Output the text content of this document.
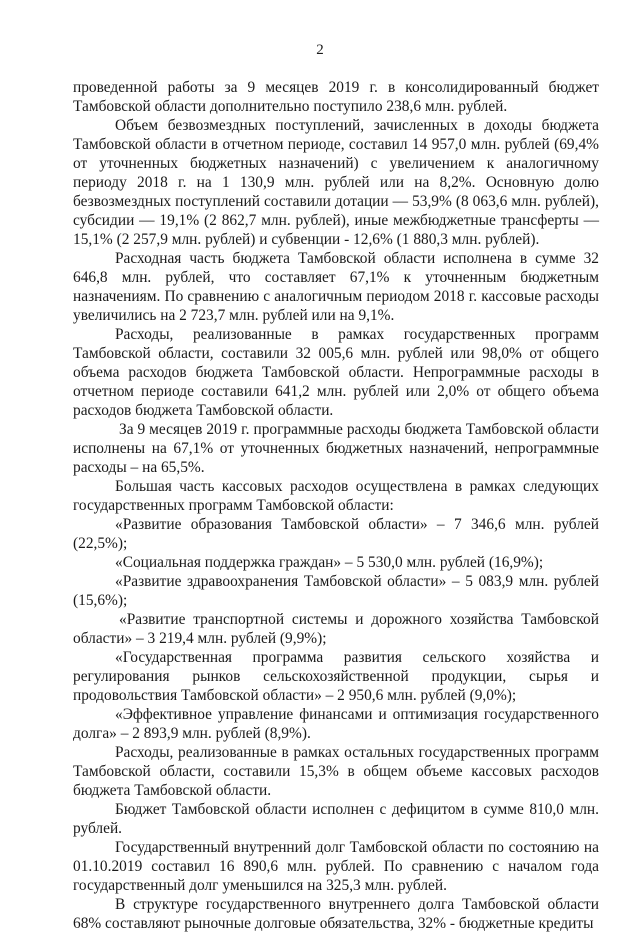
2

проведенной работы за 9 месяцев 2019 г. в консолидированный бюджет Тамбовской области дополнительно поступило 238,6 млн. рублей.

Объем безвозмездных поступлений, зачисленных в доходы бюджета Тамбовской области в отчетном периоде, составил 14 957,0 млн. рублей (69,4% от уточненных бюджетных назначений) с увеличением к аналогичному периоду 2018 г. на 1 130,9 млн. рублей или на 8,2%. Основную долю безвозмездных поступлений составили дотации — 53,9% (8 063,6 млн. рублей), субсидии — 19,1% (2 862,7 млн. рублей), иные межбюджетные трансферты — 15,1% (2 257,9 млн. рублей) и субвенции - 12,6% (1 880,3 млн. рублей).

Расходная часть бюджета Тамбовской области исполнена в сумме 32 646,8 млн. рублей, что составляет 67,1% к уточненным бюджетным назначениям. По сравнению с аналогичным периодом 2018 г. кассовые расходы увеличились на 2 723,7 млн. рублей или на 9,1%.

Расходы, реализованные в рамках государственных программ Тамбовской области, составили 32 005,6 млн. рублей или 98,0% от общего объема расходов бюджета Тамбовской области. Непрограммные расходы в отчетном периоде составили 641,2 млн. рублей или 2,0% от общего объема расходов бюджета Тамбовской области.

За 9 месяцев 2019 г. программные расходы бюджета Тамбовской области исполнены на 67,1% от уточненных бюджетных назначений, непрограммные расходы – на 65,5%.

Большая часть кассовых расходов осуществлена в рамках следующих государственных программ Тамбовской области:

«Развитие образования Тамбовской области» – 7 346,6 млн. рублей (22,5%);

«Социальная поддержка граждан» – 5 530,0 млн. рублей (16,9%);

«Развитие здравоохранения Тамбовской области» – 5 083,9 млн. рублей (15,6%);

«Развитие транспортной системы и дорожного хозяйства Тамбовской области» – 3 219,4 млн. рублей (9,9%);

«Государственная программа развития сельского хозяйства и регулирования рынков сельскохозяйственной продукции, сырья и продовольствия Тамбовской области» – 2 950,6 млн. рублей (9,0%);

«Эффективное управление финансами и оптимизация государственного долга» – 2 893,9 млн. рублей (8,9%).

Расходы, реализованные в рамках остальных государственных программ Тамбовской области, составили 15,3% в общем объеме кассовых расходов бюджета Тамбовской области.

Бюджет Тамбовской области исполнен с дефицитом в сумме 810,0 млн. рублей.

Государственный внутренний долг Тамбовской области по состоянию на 01.10.2019 составил 16 890,6 млн. рублей. По сравнению с началом года государственный долг уменьшился на 325,3 млн. рублей.

В структуре государственного внутреннего долга Тамбовской области 68% составляют рыночные долговые обязательства, 32% - бюджетные кредиты
